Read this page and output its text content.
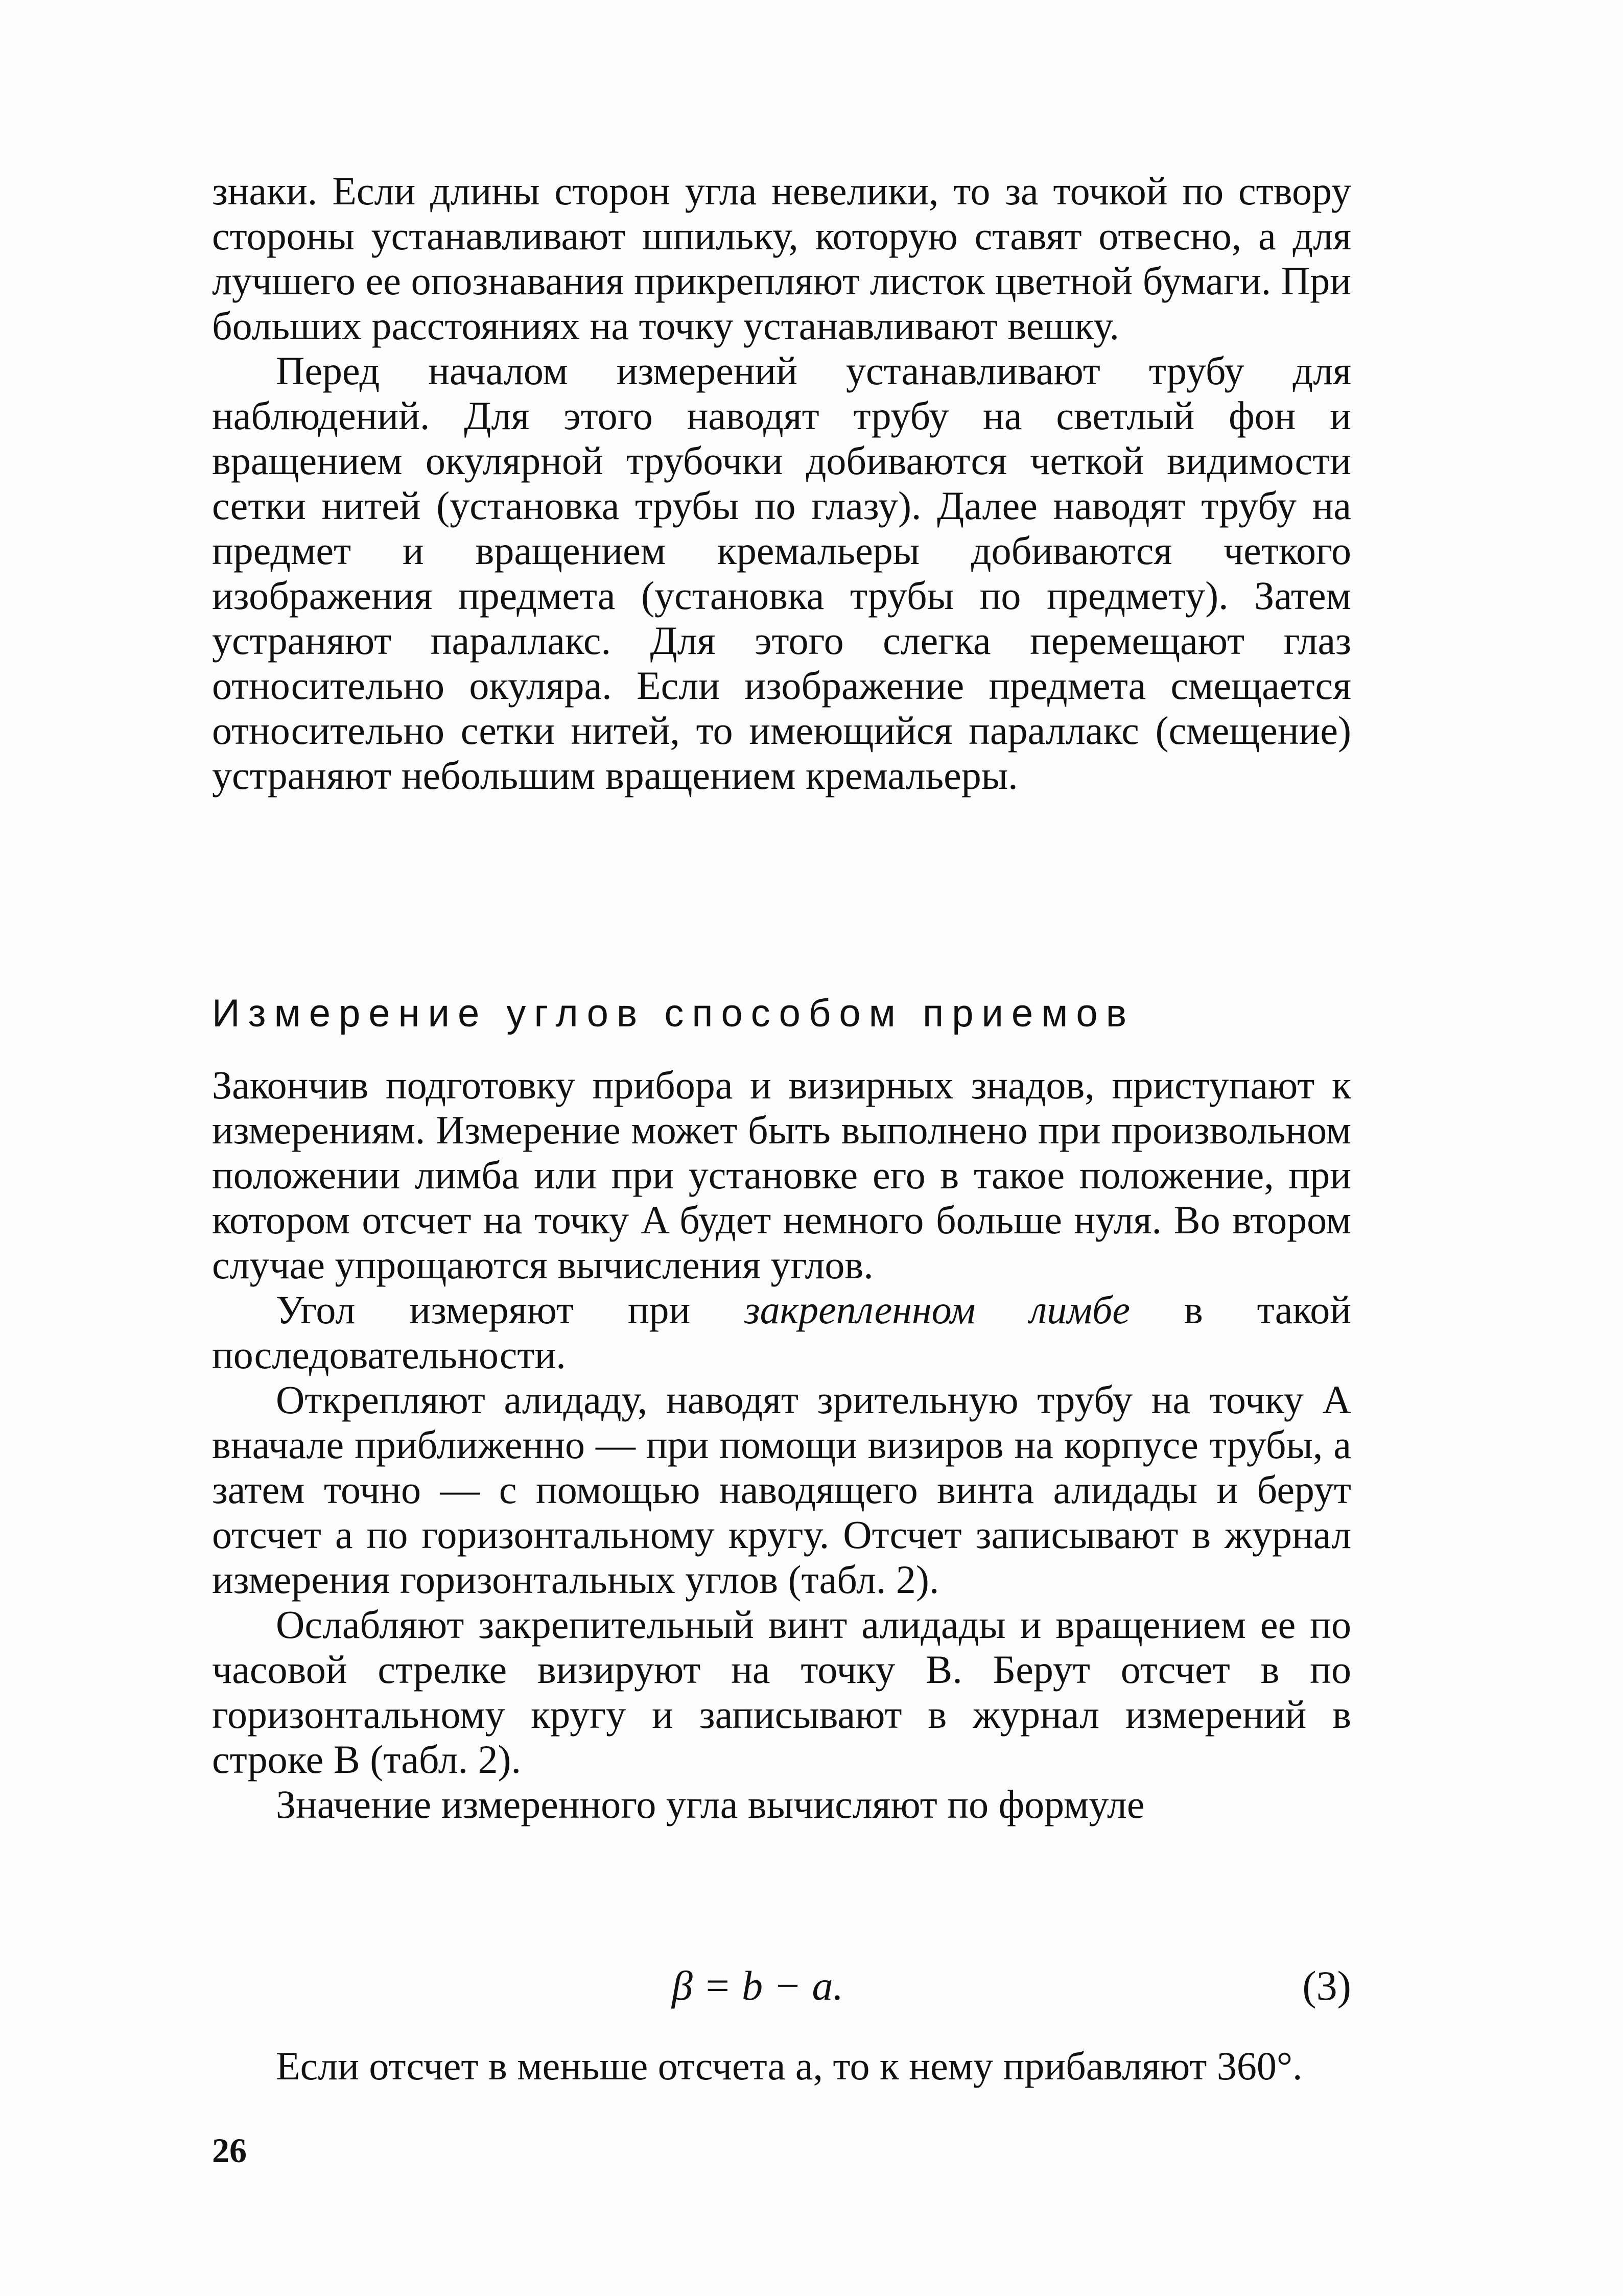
знаки. Если длины сторон угла невелики, то за точкой по створу стороны устанавливают шпильку, которую ставят отвесно, а для лучшего ее опознавания прикрепляют листок цветной бумаги. При больших расстояниях на точку устанавливают вешку.

Перед началом измерений устанавливают трубу для наблюдений. Для этого наводят трубу на светлый фон и вращением окулярной трубочки добиваются четкой видимости сетки нитей (установка трубы по глазу). Далее наводят трубу на предмет и вращением кремальеры добиваются четкого изображения предмета (установка трубы по предмету). Затем устраняют параллакс. Для этого слегка перемещают глаз относительно окуляра. Если изображение предмета смещается относительно сетки нитей, то имеющийся параллакс (смещение) устраняют небольшим вращением кремальеры.

Измерение углов способом приемов

Закончив подготовку прибора и визирных знадов, приступают к измерениям. Измерение может быть выполнено при произвольном положении лимба или при установке его в такое положение, при котором отсчет на точку A будет немного больше нуля. Во втором случае упрощаются вычисления углов.

Угол измеряют при закрепленном лимбе в такой последовательности.

Открепляют алидаду, наводят зрительную трубу на точку A вначале приближенно — при помощи визиров на корпусе трубы, а затем точно — с помощью наводящего винта алидады и берут отсчет a по горизонтальному кругу. Отсчет записывают в журнал измерения горизонтальных углов (табл. 2).

Ослабляют закрепительный винт алидады и вращением ее по часовой стрелке визируют на точку B. Берут отсчет в по горизонтальному кругу и записывают в журнал измерений в строке B (табл. 2).

Значение измеренного угла вычисляют по формуле

β = b − a.	(3)

Если отсчет в меньше отсчета a, то к нему прибавляют 360°.

26
